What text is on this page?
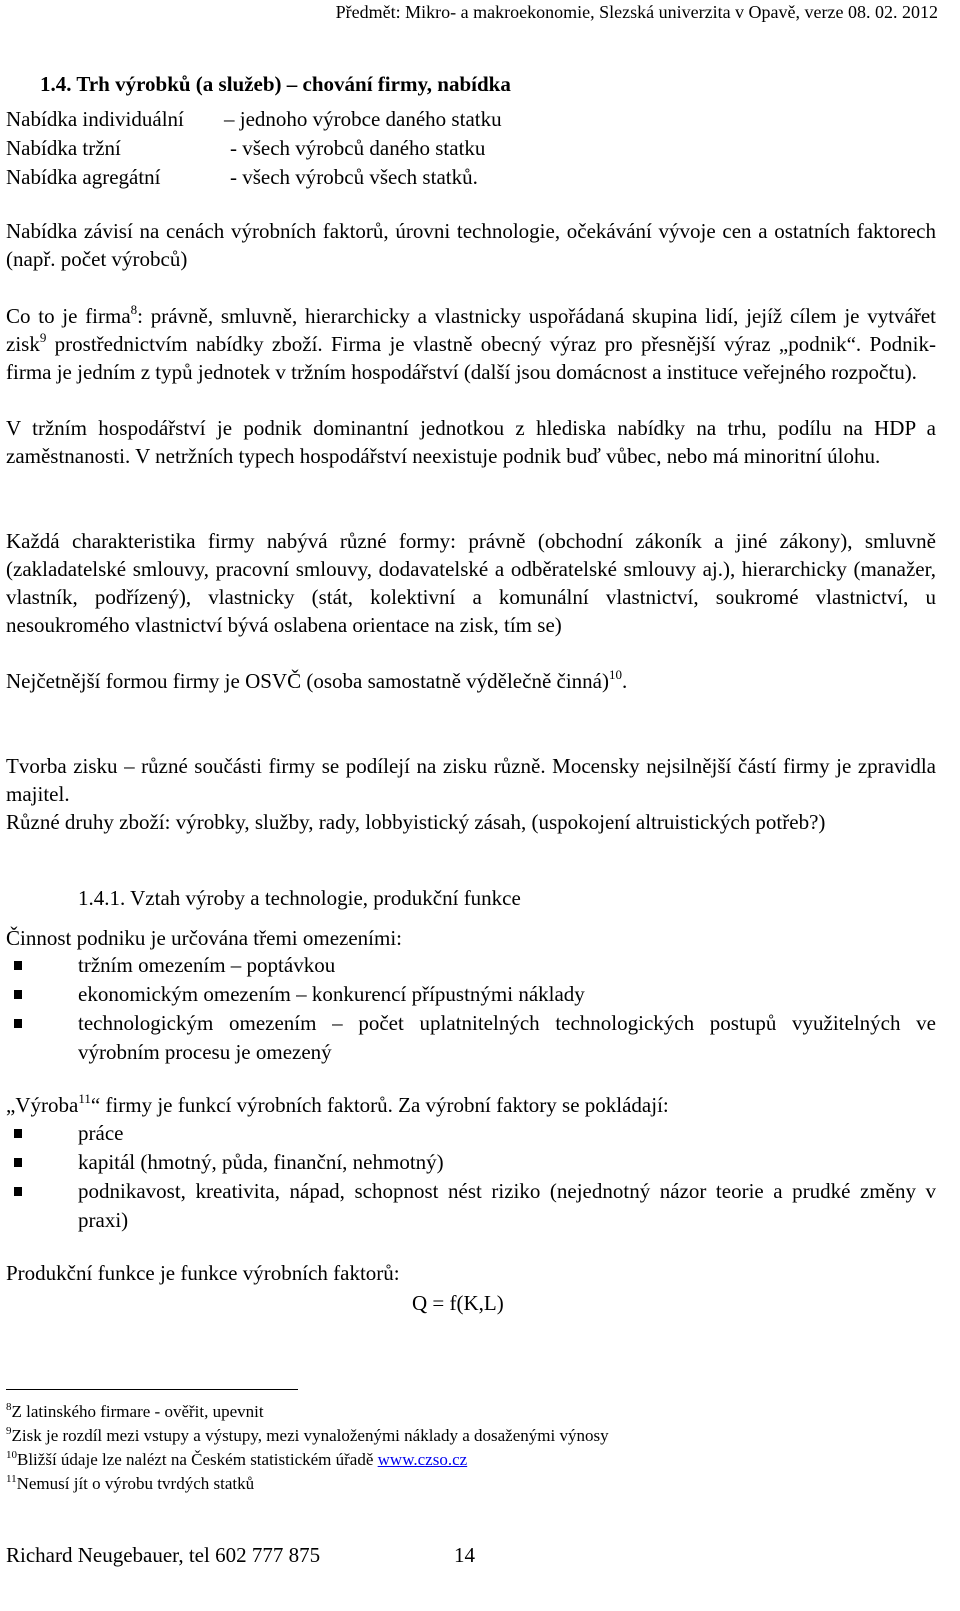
Předmět: Mikro- a makroekonomie, Slezská univerzita v Opavě, verze 08. 02. 2012
1.4. Trh výrobků (a služeb) – chování firmy, nabídka
Nabídka individuální – jednoho výrobce daného statku
Nabídka tržní	- všech výrobců daného statku
Nabídka agregátní	- všech výrobců všech statků.
Nabídka závisí na cenách výrobních faktorů, úrovni technologie, očekávání vývoje cen a ostatních faktorech (např. počet výrobců)
Co to je firma$^8$: právně, smluvně, hierarchicky a vlastnicky uspořádaná skupina lidí, jejíž cílem je vytvářet zisk$^9$ prostřednictvím nabídky zboží. Firma je vlastně obecný výraz pro přesnější výraz „podnik“. Podnik-firma je jedním z typů jednotek v tržním hospodářství (další jsou domácnost a instituce veřejného rozpočtu).
V tržním hospodářství je podnik dominantní jednotkou z hlediska nabídky na trhu, podílu na HDP a zaměstnanosti. V netržních typech hospodářství neexistuje podnik buď vůbec, nebo má minoritní úlohu.
Každá charakteristika firmy nabývá různé formy: právně (obchodní zákoník a jiné zákony), smluvně (zakladatelské smlouvy, pracovní smlouvy, dodavatelské a odběratelské smlouvy aj.), hierarchicky (manažer, vlastník, podřízený), vlastnicky (stát, kolektivní a komunální vlastnictví, soukromé vlastnictví, u nesoukromého vlastnictví bývá oslabena orientace na zisk, tím se)
Nejčetnější formou firmy je OSVČ (osoba samostatně výdělečně činná)$^{10}$.
Tvorba zisku – různé součásti firmy se podílejí na zisku různě. Mocensky nejsilnější částí firmy je zpravidla majitel.
Různé druhy zboží: výrobky, služby, rady, lobbyistický zásah, (uspokojení altruistických potřeb?)
1.4.1. Vztah výroby a technologie, produkční funkce
Činnost podniku je určována třemi omezeními:
tržním omezením – poptávkou
ekonomickým omezením – konkurencí přípustnými náklady
technologickým omezením – počet uplatnitelných technologických postupů využitelných ve výrobním procesu je omezený
„Výroba$^{11}$“ firmy je funkcí výrobních faktorů. Za výrobní faktory se pokládají:
práce
kapitál (hmotný, půda, finanční, nehmotný)
podnikavost, kreativita, nápad, schopnost nést riziko (nejednotný názor teorie a prudké změny v praxi)
Produkční funkce je funkce výrobních faktorů:
Q = f(K,L)
$^8$Z latinského firmare - ověřit, upevnit
$^9$Zisk je rozdíl mezi vstupy a výstupy, mezi vynaloženými náklady a dosaženými výnosy
$^{10}$Bližší údaje lze nalézt na Českém statistickém úřadě www.czso.cz
$^{11}$Nemusí jít o výrobu tvrdých statků
Richard Neugebauer, tel 602 777 875	14
